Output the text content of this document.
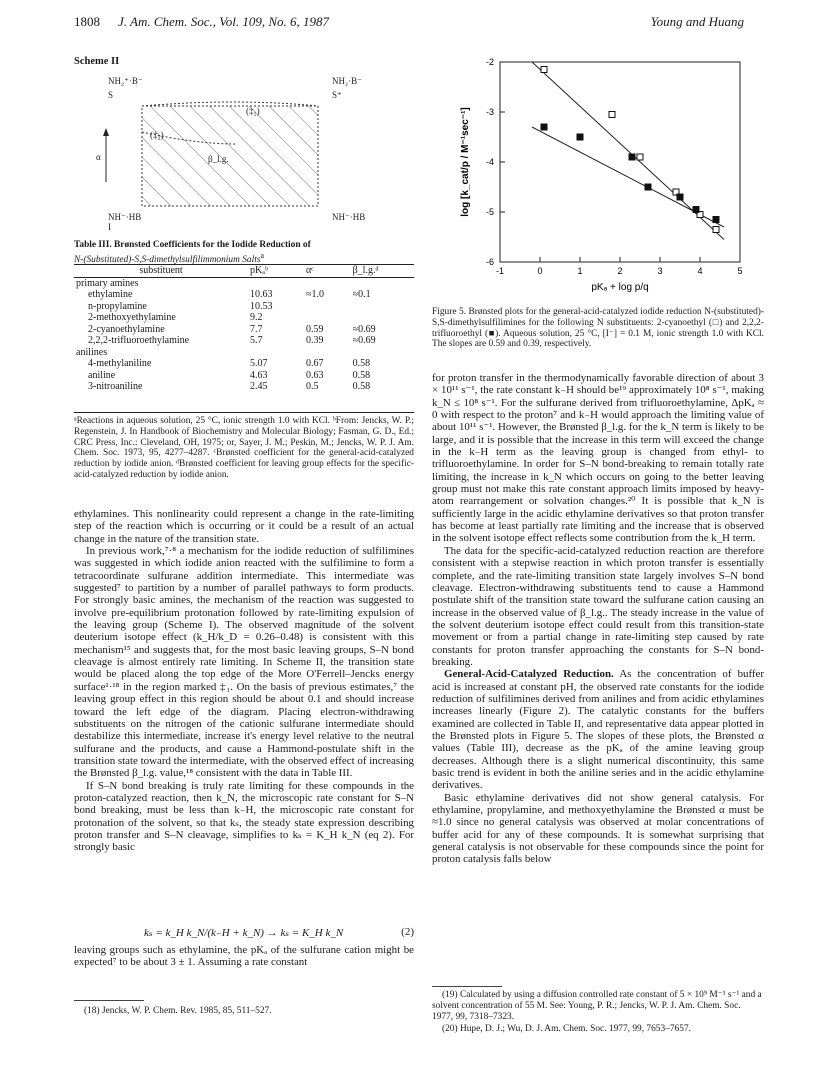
1808 J. Am. Chem. Soc., Vol. 109, No. 6, 1987	Young and Huang
Scheme II
NH₂⁺·B⁻	NH₂·B⁻
(‡₁)
(‡₂)
β_l.g.
NH⁻·HB	NH⁻·HB
α
S	S⁺
I
Table III. Brønsted Coefficients for the Iodide Reduction of
N-(Substituted)-S,S-dimethylsulfilimmonium Salts$^a$
substituent	pKₐᵇ	αᶜ	β_l.g.ᵈ
primary amines			
ethylamine	10.63	≈1.0	≈0.1
n-propylamine	10.53		
2-methoxyethylamine	9.2		
2-cyanoethylamine	7.7	0.59	≈0.69
2,2,2-trifluoroethylamine	5.7	0.39	≈0.69
anilines			
4-methylaniline	5.07	0.67	0.58
aniline	4.63	0.63	0.58
3-nitroaniline	2.45	0.5	0.58
ᵃReactions in aqueous solution, 25 °C, ionic strength 1.0 with KCl. ᵇFrom: Jencks, W. P.; Regenstein, J. In Handbook of Biochemistry and Molecular Biology; Fasman, G. D., Ed.; CRC Press, Inc.: Cleveland, OH, 1975; or, Sayer, J. M.; Peskin, M.; Jencks, W. P. J. Am. Chem. Soc. 1973, 95, 4277–4287. ᶜBrønsted coefficient for the general-acid-catalyzed reduction by iodide anion. ᵈBrønsted coefficient for leaving group effects for the specific-acid-catalyzed reduction by iodide anion.

ethylamines. This nonlinearity could represent a change in the rate-limiting step of the reaction which is occurring or it could be a result of an actual change in the nature of the transition state.

In previous work,⁷·⁸ a mechanism for the iodide reduction of sulfilimines was suggested in which iodide anion reacted with the sulfilimine to form a tetracoordinate sulfurane addition intermediate. This intermediate was suggested⁷ to partition by a number of parallel pathways to form products. For strongly basic amines, the mechanism of the reaction was suggested to involve pre-equilibrium protonation followed by rate-limiting expulsion of the leaving group (Scheme I). The observed magnitude of the solvent deuterium isotope effect (k_H/k_D = 0.26–0.48) is consistent with this mechanism¹⁵ and suggests that, for the most basic leaving groups, S–N bond cleavage is almost entirely rate limiting. In Scheme II, the transition state would be placed along the top edge of the More O'Ferrell–Jencks energy surface¹·¹⁸ in the region marked ‡₁. On the basis of previous estimates,⁷ the leaving group effect in this region should be about 0.1 and should increase toward the left edge of the diagram. Placing electron-withdrawing substituents on the nitrogen of the cationic sulfurane intermediate should destabilize this intermediate, increase it's energy level relative to the neutral sulfurane and the products, and cause a Hammond-postulate shift in the transition state toward the intermediate, with the observed effect of increasing the Brønsted β_l.g. value,¹⁸ consistent with the data in Table III.

If S–N bond breaking is truly rate limiting for these compounds in the proton-catalyzed reaction, then k_N, the microscopic rate constant for S–N bond breaking, must be less than k₋H, the microscopic rate constant for protonation of the solvent, so that kₛ, the steady state expression describing proton transfer and S–N cleavage, simplifies to kₛ = K_H k_N (eq 2). For strongly basic

kₛ = k_H k_N/(k₋H + k_N) → kₛ = K_H k_N	(2)

leaving groups such as ethylamine, the pKₐ of the sulfurane cation might be expected⁷ to be about 3 ± 1. Assuming a rate constant

(18) Jencks, W. P. Chem. Rev. 1985, 85, 511–527.
-1	0	1	2	3	4	5
-2
-3
-4
-5
-6
pKₐ + log p/q
log [k_cat/p / M⁻¹sec⁻¹]
Figure 5. Brønsted plots for the general-acid-catalyzed iodide reduction N-(substituted)-S,S-dimethylsulfilimines for the following N substituents: 2-cyanoethyl (□) and 2,2,2-trifluoroethyl (■). Aqueous solution, 25 °C, [I⁻] = 0.1 M, ionic strength 1.0 with KCl. The slopes are 0.59 and 0.39, respectively.

for proton transfer in the thermodynamically favorable direction of about 3 × 10¹¹ s⁻¹, the rate constant k₋H should be¹⁹ approximately 10⁸ s⁻¹, making k_N ≤ 10⁸ s⁻¹. For the sulfurane derived from trifluoroethylamine, ΔpKₐ ≈ 0 with respect to the proton⁷ and k₋H would approach the limiting value of about 10¹¹ s⁻¹. However, the Brønsted β_l.g. for the k_N term is likely to be large, and it is possible that the increase in this term will exceed the change in the k₋H term as the leaving group is changed from ethyl- to trifluoroethylamine. In order for S–N bond-breaking to remain totally rate limiting, the increase in k_N which occurs on going to the better leaving group must not make this rate constant approach limits imposed by heavy-atom rearrangement or solvation changes.²⁰ It is possible that k_N is sufficiently large in the acidic ethylamine derivatives so that proton transfer has become at least partially rate limiting and the increase that is observed in the solvent isotope effect reflects some contribution from the k_H term.

The data for the specific-acid-catalyzed reduction reaction are therefore consistent with a stepwise reaction in which proton transfer is essentially complete, and the rate-limiting transition state largely involves S–N bond cleavage. Electron-withdrawing substituents tend to cause a Hammond postulate shift of the transition state toward the sulfurane cation causing an increase in the observed value of β_l.g.. The steady increase in the value of the solvent deuterium isotope effect could result from this transition-state movement or from a partial change in rate-limiting step caused by rate constants for proton transfer approaching the constants for S–N bond-breaking.

General-Acid-Catalyzed Reduction. As the concentration of buffer acid is increased at constant pH, the observed rate constants for the iodide reduction of sulfilimines derived from anilines and from acidic ethylamines increases linearly (Figure 2). The catalytic constants for the buffers examined are collected in Table II, and representative data appear plotted in the Brønsted plots in Figure 5. The slopes of these plots, the Brønsted α values (Table III), decrease as the pKₐ of the amine leaving group decreases. Although there is a slight numerical discontinuity, this same basic trend is evident in both the aniline series and in the acidic ethylamine derivatives.

Basic ethylamine derivatives did not show general catalysis. For ethylamine, propylamine, and methoxyethylamine the Brønsted α must be ≈1.0 since no general catalysis was observed at molar concentrations of buffer acid for any of these compounds. It is somewhat surprising that general catalysis is not observable for these compounds since the point for proton catalysis falls below

(19) Calculated by using a diffusion controlled rate constant of 5 × 10⁹ M⁻¹ s⁻¹ and a solvent concentration of 55 M. See: Young, P. R.; Jencks, W. P. J. Am. Chem. Soc. 1977, 99, 7318–7323.
(20) Hupe, D. J.; Wu, D. J. Am. Chem. Soc. 1977, 99, 7653–7657.
